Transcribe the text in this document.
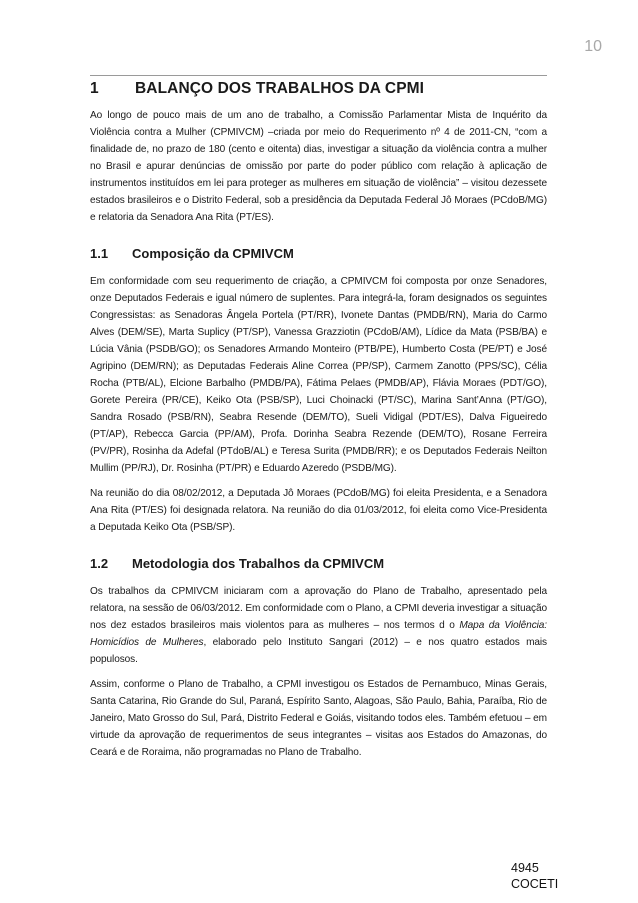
10
1	BALANÇO DOS TRABALHOS DA CPMI

Ao longo de pouco mais de um ano de trabalho, a Comissão Parlamentar Mista de Inquérito da Violência contra a Mulher (CPMIVCM) –criada por meio do Requerimento nº 4 de 2011-CN, “com a finalidade de, no prazo de 180 (cento e oitenta) dias, investigar a situação da violência contra a mulher no Brasil e apurar denúncias de omissão por parte do poder público com relação à aplicação de instrumentos instituídos em lei para proteger as mulheres em situação de violência” – visitou dezessete estados brasileiros e o Distrito Federal, sob a presidência da Deputada Federal Jô Moraes (PCdoB/MG) e relatoria da Senadora Ana Rita (PT/ES).

1.1	Composição da CPMIVCM

Em conformidade com seu requerimento de criação, a CPMIVCM foi composta por onze Senadores, onze Deputados Federais e igual número de suplentes. Para integrá-la, foram designados os seguintes Congressistas: as Senadoras Ângela Portela (PT/RR), Ivonete Dantas (PMDB/RN), Maria do Carmo Alves (DEM/SE), Marta Suplicy (PT/SP), Vanessa Grazziotin (PCdoB/AM), Lídice da Mata (PSB/BA) e Lúcia Vânia (PSDB/GO); os Senadores Armando Monteiro (PTB/PE), Humberto Costa (PE/PT) e José Agripino (DEM/RN); as Deputadas Federais Aline Correa (PP/SP), Carmem Zanotto (PPS/SC), Célia Rocha (PTB/AL), Elcione Barbalho (PMDB/PA), Fátima Pelaes (PMDB/AP), Flávia Moraes (PDT/GO), Gorete Pereira (PR/CE), Keiko Ota (PSB/SP), Luci Choinacki (PT/SC), Marina Sant’Anna (PT/GO), Sandra Rosado (PSB/RN), Seabra Resende (DEM/TO), Sueli Vidigal (PDT/ES), Dalva Figueiredo (PT/AP), Rebecca Garcia (PP/AM), Profa. Dorinha Seabra Rezende (DEM/TO), Rosane Ferreira (PV/PR), Rosinha da Adefal (PTdoB/AL) e Teresa Surita (PMDB/RR); e os Deputados Federais Neilton Mullim (PP/RJ), Dr. Rosinha (PT/PR) e Eduardo Azeredo (PSDB/MG).

Na reunião do dia 08/02/2012, a Deputada Jô Moraes (PCdoB/MG) foi eleita Presidenta, e a Senadora Ana Rita (PT/ES) foi designada relatora. Na reunião do dia 01/03/2012, foi eleita como Vice-Presidenta a Deputada Keiko Ota (PSB/SP).

1.2	Metodologia dos Trabalhos da CPMIVCM

Os trabalhos da CPMIVCM iniciaram com a aprovação do Plano de Trabalho, apresentado pela relatora, na sessão de 06/03/2012. Em conformidade com o Plano, a CPMI deveria investigar a situação nos dez estados brasileiros mais violentos para as mulheres – nos termos d o Mapa da Violência: Homicídios de Mulheres, elaborado pelo Instituto Sangari (2012) – e nos quatro estados mais populosos.

Assim, conforme o Plano de Trabalho, a CPMI investigou os Estados de Pernambuco, Minas Gerais, Santa Catarina, Rio Grande do Sul, Paraná, Espírito Santo, Alagoas, São Paulo, Bahia, Paraíba, Rio de Janeiro, Mato Grosso do Sul, Pará, Distrito Federal e Goiás, visitando todos eles. Também efetuou – em virtude da aprovação de requerimentos de seus integrantes – visitas aos Estados do Amazonas, do Ceará e de Roraima, não programadas no Plano de Trabalho.

4945
COCETI
